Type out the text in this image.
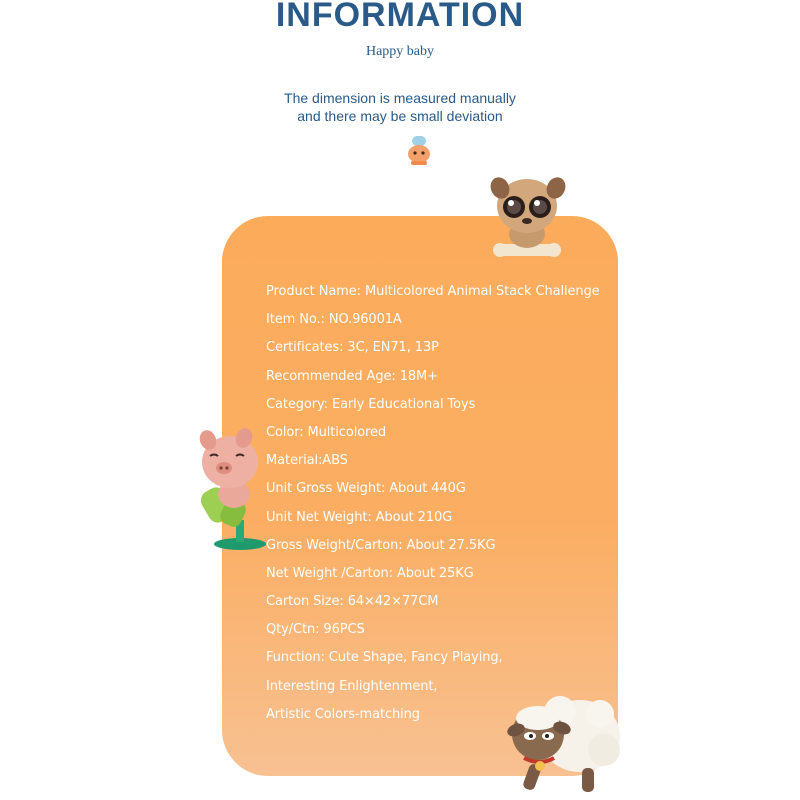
INFORMATION
Happy baby
The dimension is measured manually
and there may be small deviation
Product Name: Multicolored Animal Stack Challenge
Item No.: NO.96001A
Certificates: 3C, EN71, 13P
Recommended Age: 18M+
Category: Early Educational Toys
Color: Multicolored
Material:ABS
Unit Gross Weight: About 440G
Unit Net Weight: About 210G
Gross Weight/Carton: About 27.5KG
Net Weight /Carton: About 25KG
Carton Size: 64×42×77CM
Qty/Ctn: 96PCS
Function: Cute Shape, Fancy Playing,
Interesting Enlightenment,
Artistic Colors-matching
